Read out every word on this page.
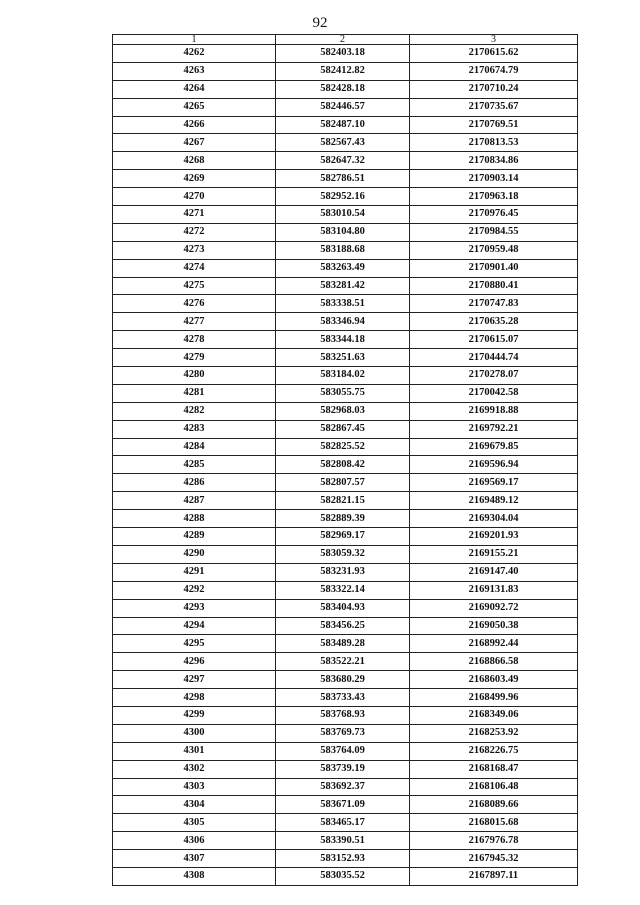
92
1	2	3
4262	582403.18	2170615.62
4263	582412.82	2170674.79
4264	582428.18	2170710.24
4265	582446.57	2170735.67
4266	582487.10	2170769.51
4267	582567.43	2170813.53
4268	582647.32	2170834.86
4269	582786.51	2170903.14
4270	582952.16	2170963.18
4271	583010.54	2170976.45
4272	583104.80	2170984.55
4273	583188.68	2170959.48
4274	583263.49	2170901.40
4275	583281.42	2170880.41
4276	583338.51	2170747.83
4277	583346.94	2170635.28
4278	583344.18	2170615.07
4279	583251.63	2170444.74
4280	583184.02	2170278.07
4281	583055.75	2170042.58
4282	582968.03	2169918.88
4283	582867.45	2169792.21
4284	582825.52	2169679.85
4285	582808.42	2169596.94
4286	582807.57	2169569.17
4287	582821.15	2169489.12
4288	582889.39	2169304.04
4289	582969.17	2169201.93
4290	583059.32	2169155.21
4291	583231.93	2169147.40
4292	583322.14	2169131.83
4293	583404.93	2169092.72
4294	583456.25	2169050.38
4295	583489.28	2168992.44
4296	583522.21	2168866.58
4297	583680.29	2168603.49
4298	583733.43	2168499.96
4299	583768.93	2168349.06
4300	583769.73	2168253.92
4301	583764.09	2168226.75
4302	583739.19	2168168.47
4303	583692.37	2168106.48
4304	583671.09	2168089.66
4305	583465.17	2168015.68
4306	583390.51	2167976.78
4307	583152.93	2167945.32
4308	583035.52	2167897.11
